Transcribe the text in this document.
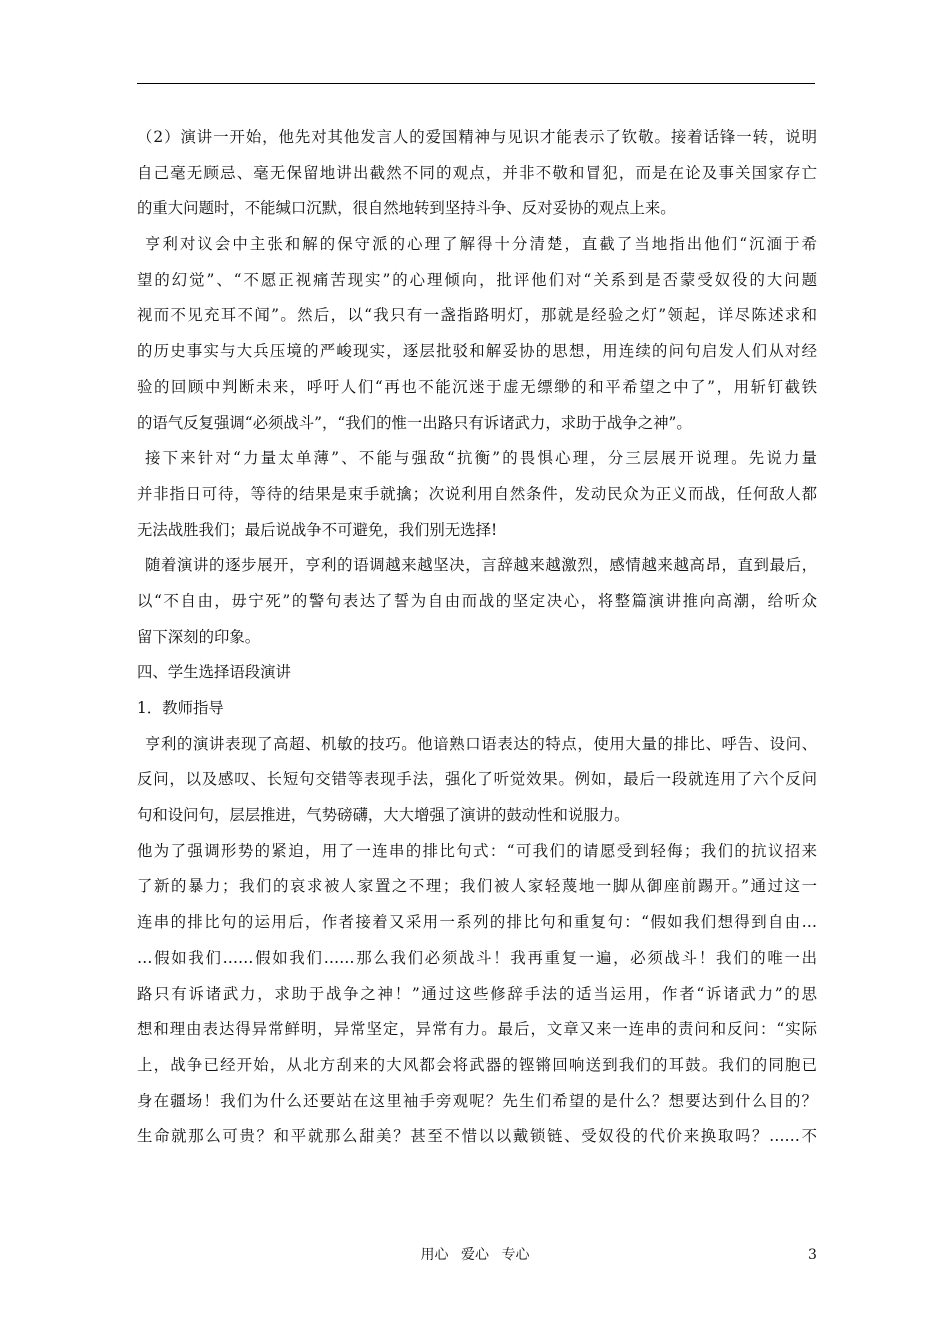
（2）演讲一开始，他先对其他发言人的爱国精神与见识才能表示了钦敬。接着话锋一转，说明
自己毫无顾忌、毫无保留地讲出截然不同的观点，并非不敬和冒犯，而是在论及事关国家存亡
的重大问题时，不能缄口沉默，很自然地转到坚持斗争、反对妥协的观点上来。
亨利对议会中主张和解的保守派的心理了解得十分清楚，直截了当地指出他们“沉湎于希
望的幻觉”、“不愿正视痛苦现实”的心理倾向，批评他们对“关系到是否蒙受奴役的大问题
视而不见充耳不闻”。然后，以“我只有一盏指路明灯，那就是经验之灯”领起，详尽陈述求和
的历史事实与大兵压境的严峻现实，逐层批驳和解妥协的思想，用连续的问句启发人们从对经
验的回顾中判断未来，呼吁人们“再也不能沉迷于虚无缥缈的和平希望之中了”，用斩钉截铁
的语气反复强调“必须战斗”，“我们的惟一出路只有诉诸武力，求助于战争之神”。
接下来针对“力量太单薄”、不能与强敌“抗衡”的畏惧心理，分三层展开说理。先说力量
并非指日可待，等待的结果是束手就擒；次说利用自然条件，发动民众为正义而战，任何敌人都
无法战胜我们；最后说战争不可避免，我们别无选择!
随着演讲的逐步展开，亨利的语调越来越坚决，言辞越来越激烈，感情越来越高昂，直到最后，
以“不自由，毋宁死”的警句表达了誓为自由而战的坚定决心，将整篇演讲推向高潮，给听众
留下深刻的印象。
四、学生选择语段演讲
1．教师指导
亨利的演讲表现了高超、机敏的技巧。他谙熟口语表达的特点，使用大量的排比、呼告、设问、
反问，以及感叹、长短句交错等表现手法，强化了听觉效果。例如，最后一段就连用了六个反问
句和设问句，层层推进，气势磅礴，大大增强了演讲的鼓动性和说服力。
他为了强调形势的紧迫，用了一连串的排比句式：“可我们的请愿受到轻侮；我们的抗议招来
了新的暴力；我们的哀求被人家置之不理；我们被人家轻蔑地一脚从御座前踢开。”通过这一
连串的排比句的运用后，作者接着又采用一系列的排比句和重复句：“假如我们想得到自由…
…假如我们……假如我们……那么我们必须战斗！我再重复一遍，必须战斗！我们的唯一出
路只有诉诸武力，求助于战争之神！”通过这些修辞手法的适当运用，作者“诉诸武力”的思
想和理由表达得异常鲜明，异常坚定，异常有力。最后，文章又来一连串的责问和反问：“实际
上，战争已经开始，从北方刮来的大风都会将武器的铿锵回响送到我们的耳鼓。我们的同胞已
身在疆场！我们为什么还要站在这里袖手旁观呢？先生们希望的是什么？想要达到什么目的？
生命就那么可贵？和平就那么甜美？甚至不惜以以戴锁链、受奴役的代价来换取吗？……不
用心 爱心 专心	3
